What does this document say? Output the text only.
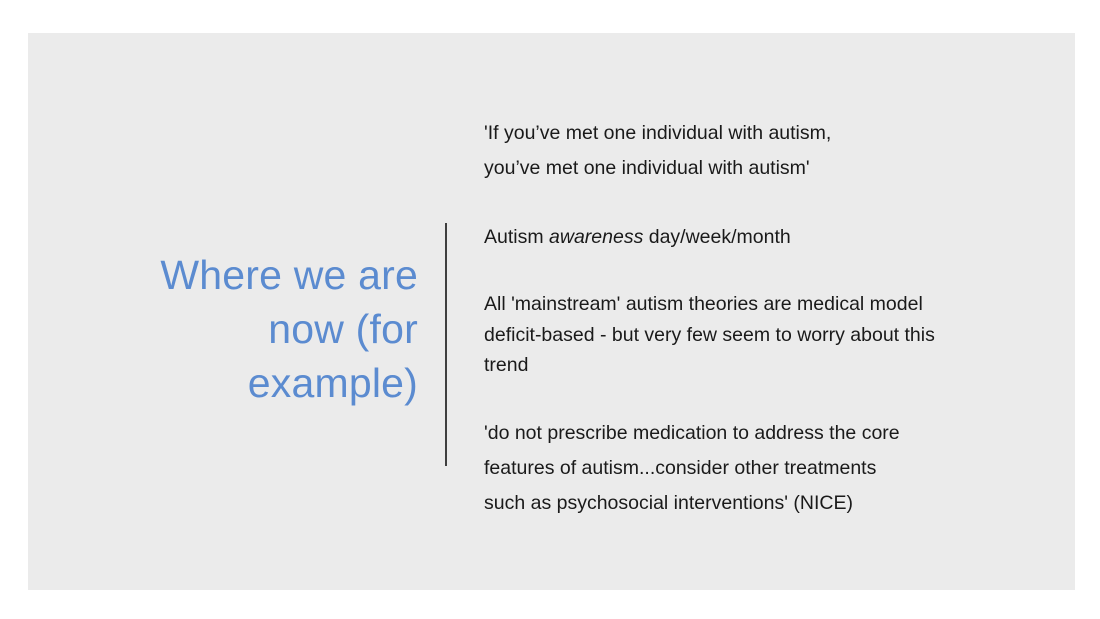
Where we are now (for example)
'If you’ve met one individual with autism,
you’ve met one individual with autism'
Autism awareness day/week/month
All 'mainstream' autism theories are medical model
deficit-based - but very few seem to worry about this
trend
'do not prescribe medication to address the core
features of autism...consider other treatments
such as psychosocial interventions' (NICE)
